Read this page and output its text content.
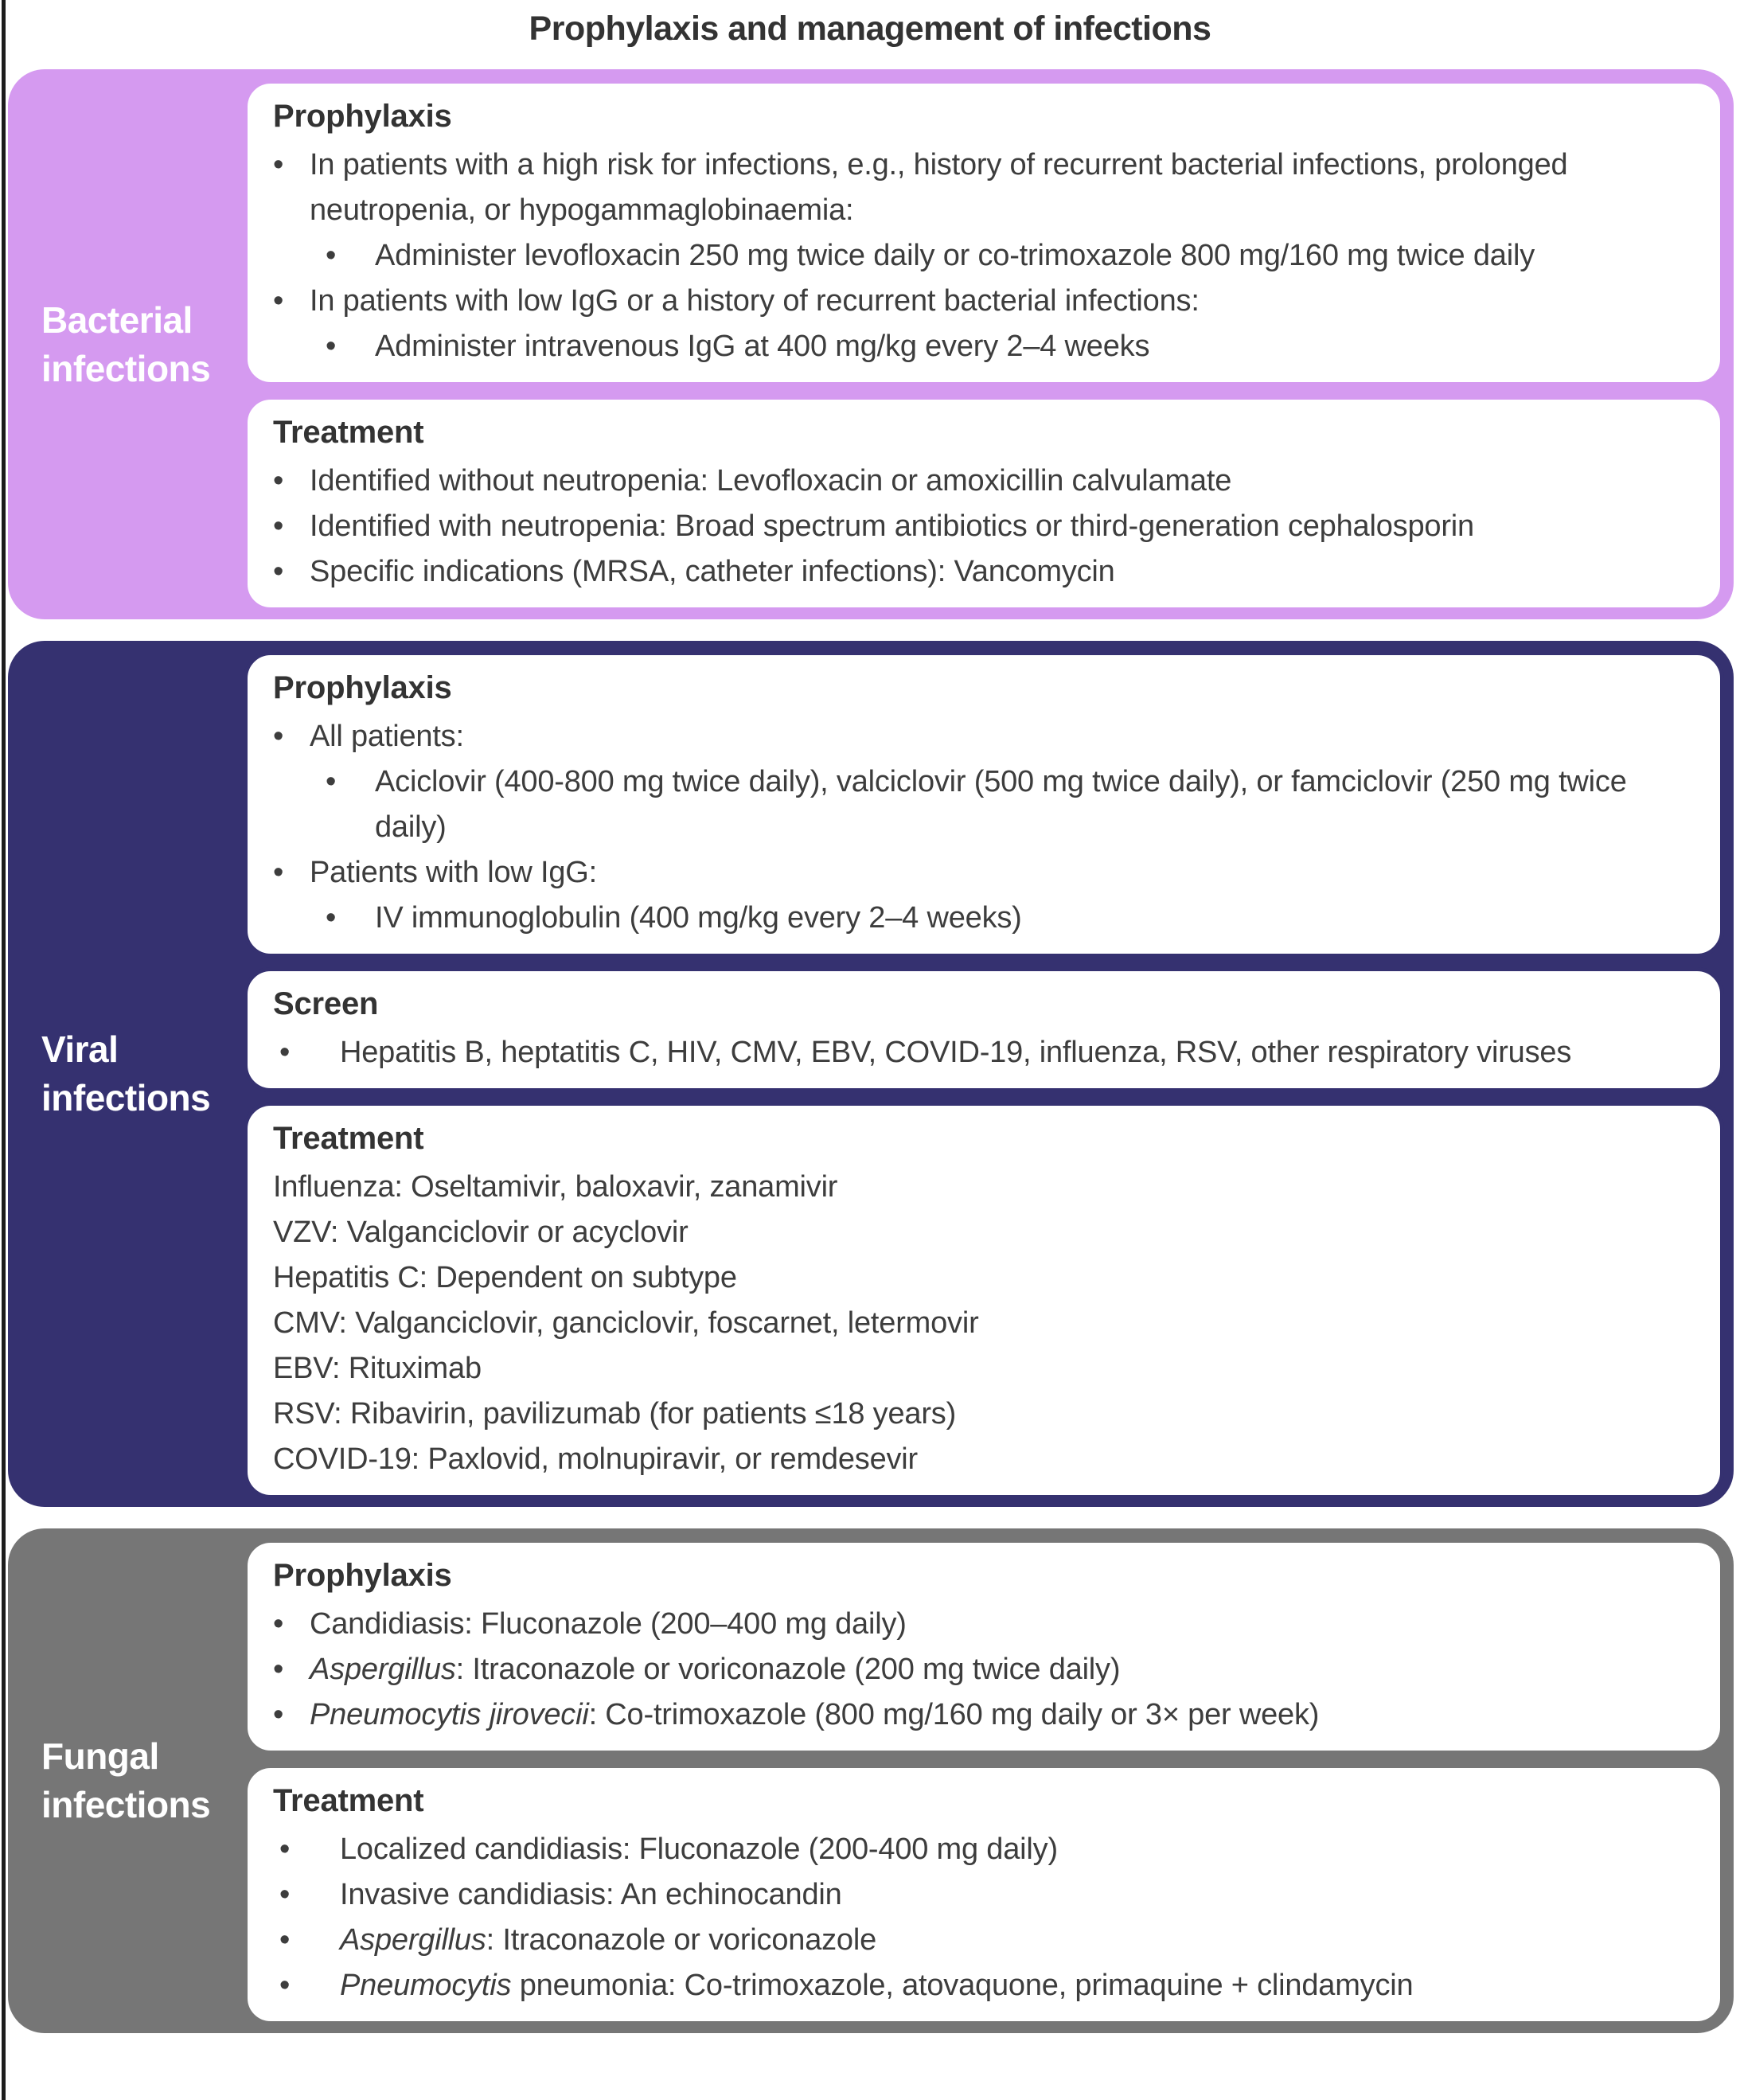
Prophylaxis and management of infections
Bacterial infections
Prophylaxis
• In patients with a high risk for infections, e.g., history of recurrent bacterial infections, prolonged neutropenia, or hypogammaglobinaemia:
•	Administer levofloxacin 250 mg twice daily or co-trimoxazole 800 mg/160 mg twice daily
• In patients with low IgG or a history of recurrent bacterial infections:
•	Administer intravenous IgG at 400 mg/kg every 2–4 weeks
Treatment
• Identified without neutropenia: Levofloxacin or amoxicillin calvulamate
• Identified with neutropenia: Broad spectrum antibiotics or third-generation cephalosporin
• Specific indications (MRSA, catheter infections): Vancomycin
Viral infections
Prophylaxis
• All patients:
•	Aciclovir (400-800 mg twice daily), valciclovir (500 mg twice daily), or famciclovir (250 mg twice daily)
• Patients with low IgG:
•	IV immunoglobulin (400 mg/kg every 2–4 weeks)
Screen
•	Hepatitis B, heptatitis C, HIV, CMV, EBV, COVID-19, influenza, RSV, other respiratory viruses
Treatment
Influenza: Oseltamivir, baloxavir, zanamivir
VZV: Valganciclovir or acyclovir
Hepatitis C: Dependent on subtype
CMV: Valganciclovir, ganciclovir, foscarnet, letermovir
EBV: Rituximab
RSV: Ribavirin, pavilizumab (for patients ≤18 years)
COVID-19: Paxlovid, molnupiravir, or remdesevir
Fungal infections
Prophylaxis
• Candidiasis: Fluconazole (200–400 mg daily)
• Aspergillus: Itraconazole or voriconazole (200 mg twice daily)
• Pneumocytis jirovecii: Co-trimoxazole (800 mg/160 mg daily or 3× per week)
Treatment
•	Localized candidiasis: Fluconazole (200-400 mg daily)
•	Invasive candidiasis: An echinocandin
•	Aspergillus: Itraconazole or voriconazole
•	Pneumocytis pneumonia: Co-trimoxazole, atovaquone, primaquine + clindamycin
